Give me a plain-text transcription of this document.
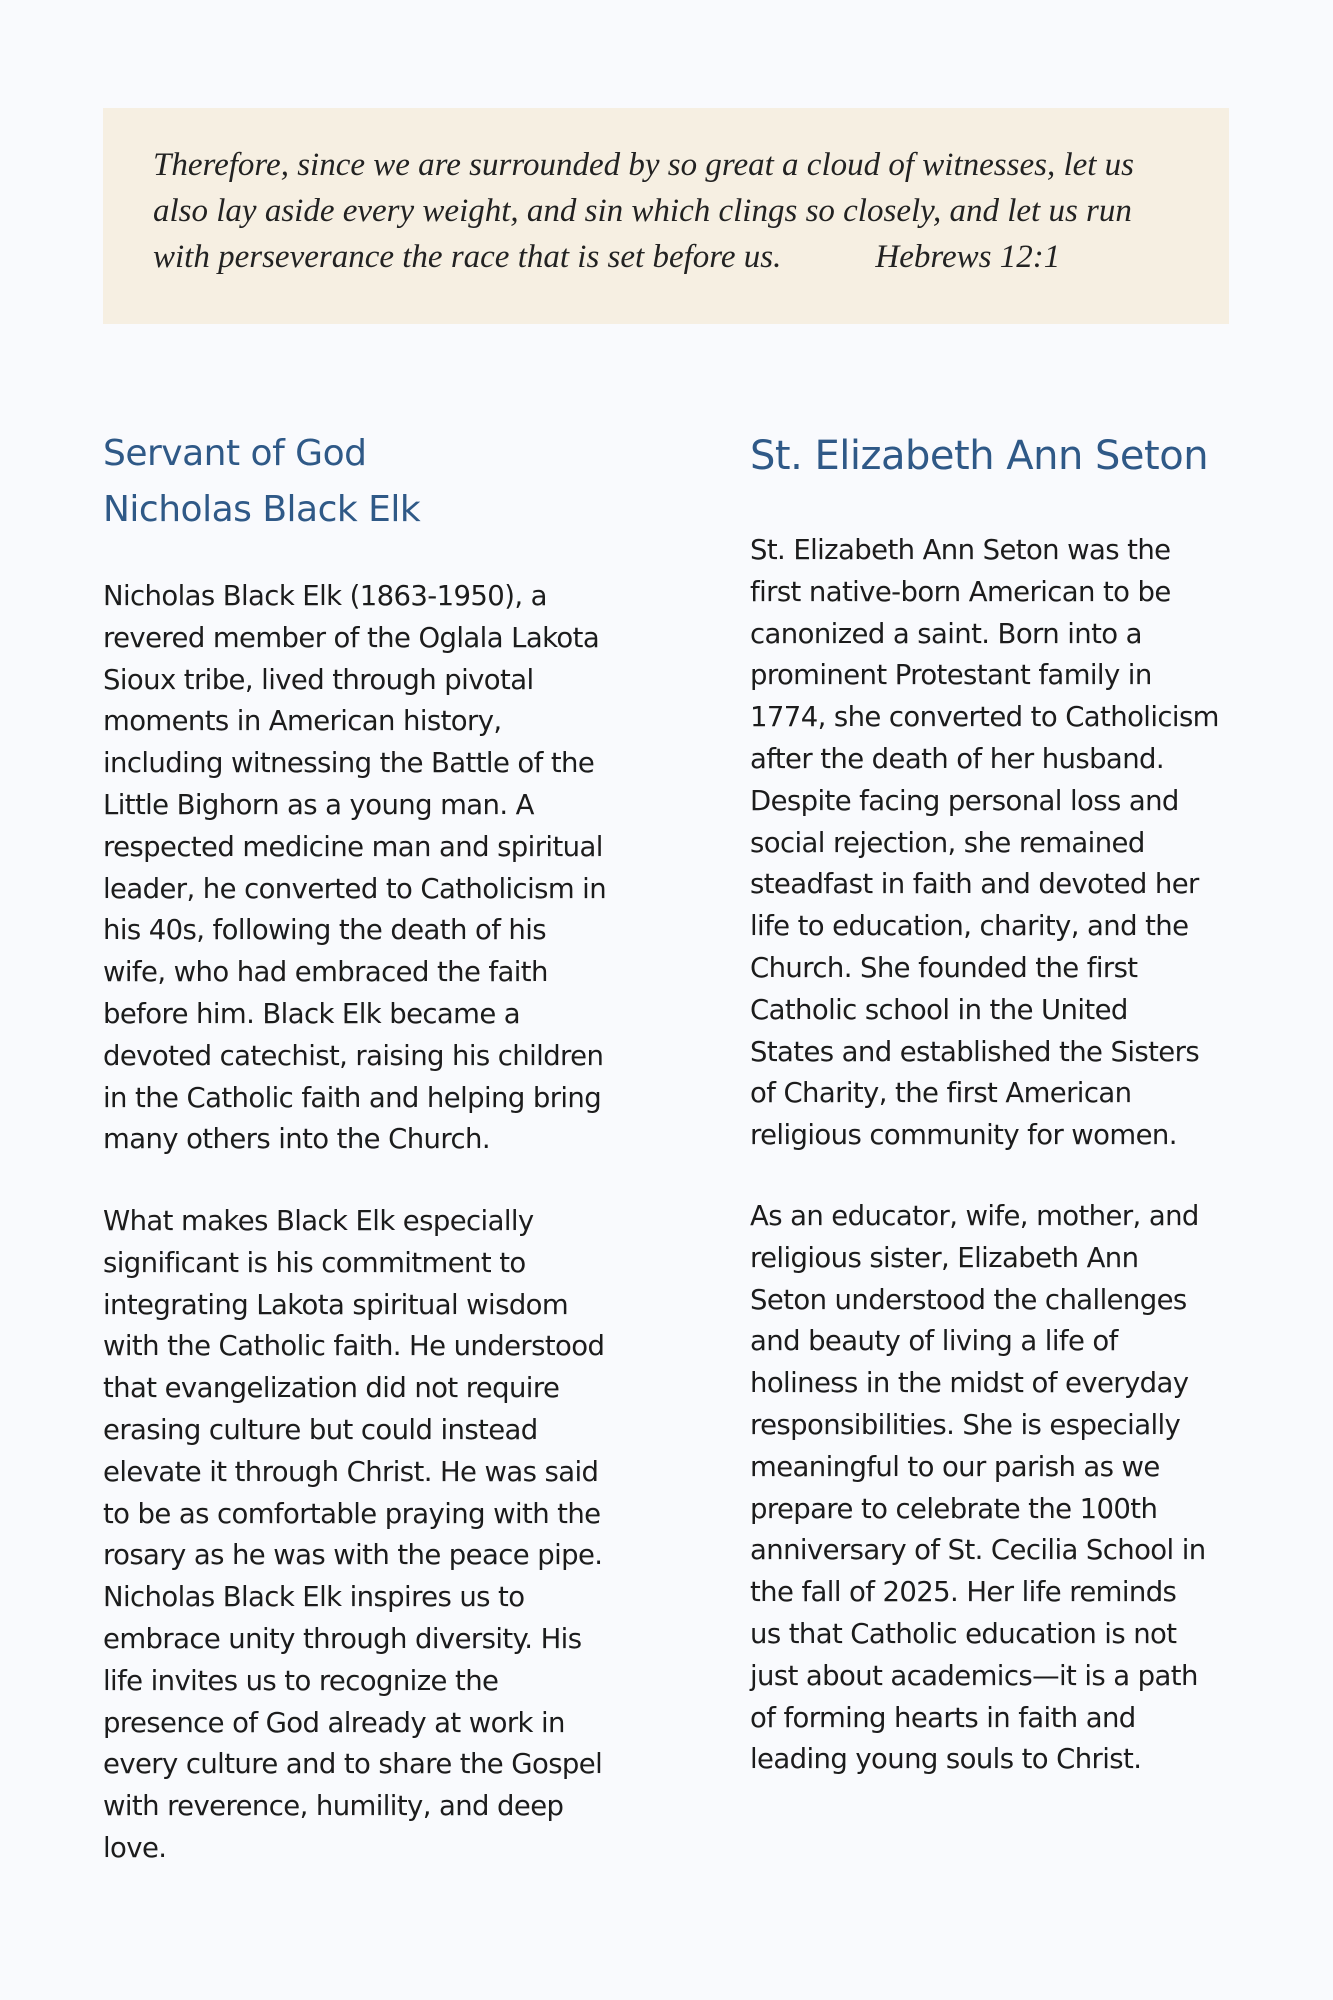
Therefore, since we are surrounded by so great a cloud of witnesses, let us
also lay aside every weight, and sin which clings so closely, and let us run
with perseverance the race that is set before us.	Hebrews 12:1

Servant of God
Nicholas Black Elk

Nicholas Black Elk (1863-1950), a
revered member of the Oglala Lakota
Sioux tribe, lived through pivotal
moments in American history,
including witnessing the Battle of the
Little Bighorn as a young man. A
respected medicine man and spiritual
leader, he converted to Catholicism in
his 40s, following the death of his
wife, who had embraced the faith
before him. Black Elk became a
devoted catechist, raising his children
in the Catholic faith and helping bring
many others into the Church.

What makes Black Elk especially
significant is his commitment to
integrating Lakota spiritual wisdom
with the Catholic faith. He understood
that evangelization did not require
erasing culture but could instead
elevate it through Christ. He was said
to be as comfortable praying with the
rosary as he was with the peace pipe.
Nicholas Black Elk inspires us to
embrace unity through diversity. His
life invites us to recognize the
presence of God already at work in
every culture and to share the Gospel
with reverence, humility, and deep
love.

St. Elizabeth Ann Seton

St. Elizabeth Ann Seton was the
first native-born American to be
canonized a saint. Born into a
prominent Protestant family in
1774, she converted to Catholicism
after the death of her husband.
Despite facing personal loss and
social rejection, she remained
steadfast in faith and devoted her
life to education, charity, and the
Church. She founded the first
Catholic school in the United
States and established the Sisters
of Charity, the first American
religious community for women.

As an educator, wife, mother, and
religious sister, Elizabeth Ann
Seton understood the challenges
and beauty of living a life of
holiness in the midst of everyday
responsibilities. She is especially
meaningful to our parish as we
prepare to celebrate the 100th
anniversary of St. Cecilia School in
the fall of 2025. Her life reminds
us that Catholic education is not
just about academics—it is a path
of forming hearts in faith and
leading young souls to Christ.
